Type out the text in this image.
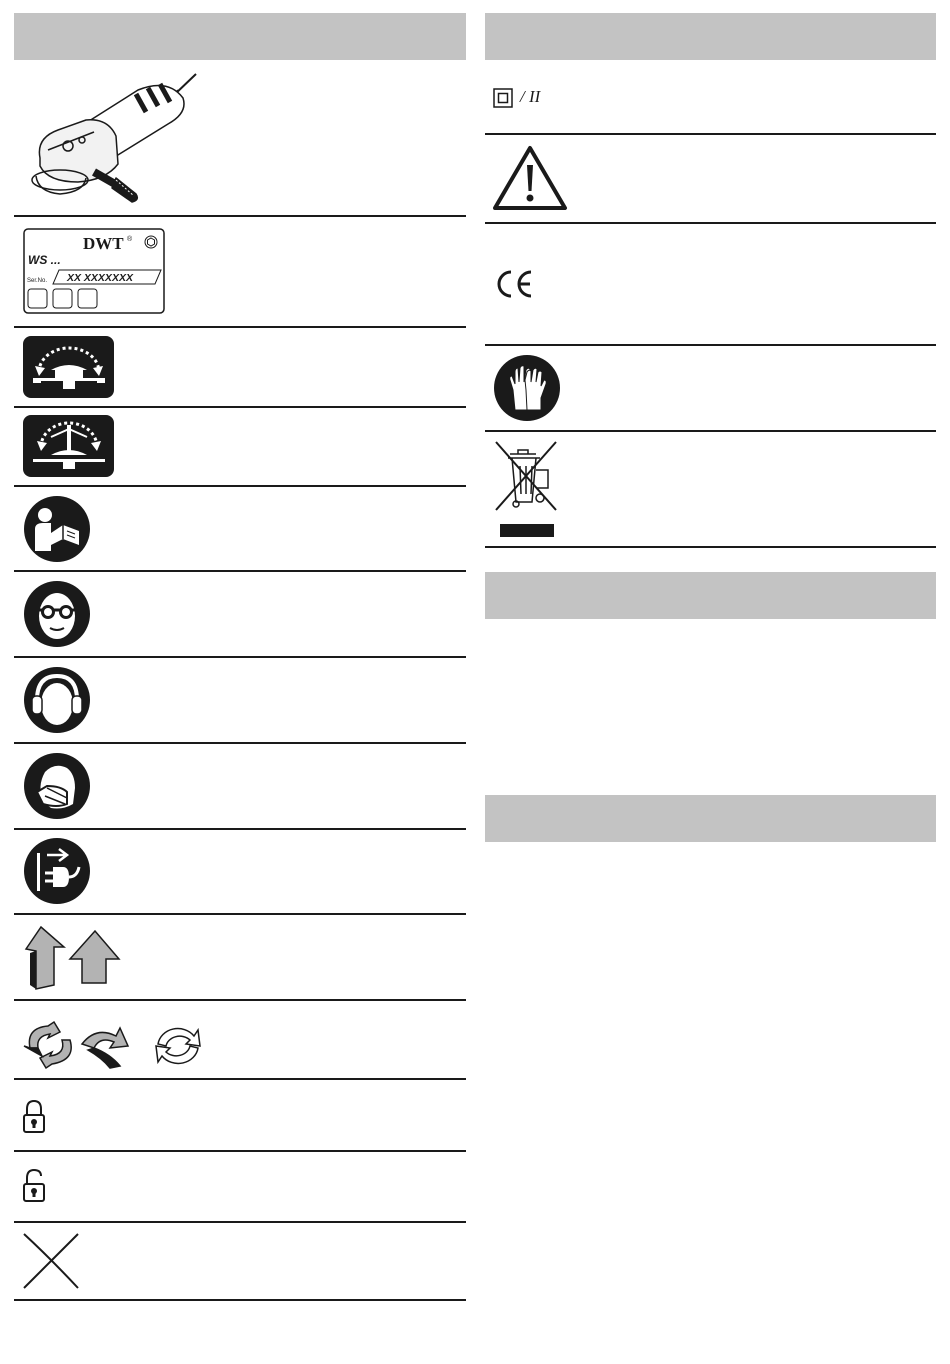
DWT ®
WS ...
Ser.No. XX XXXXXXX
/ II
